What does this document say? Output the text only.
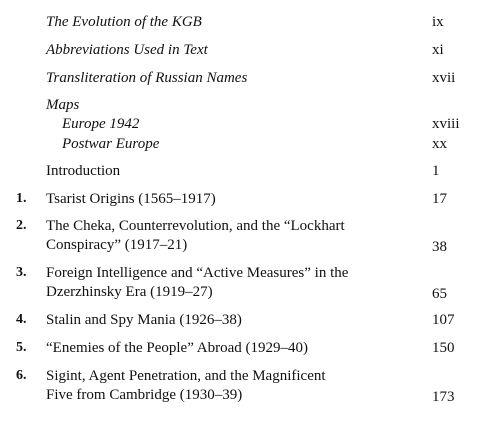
The Evolution of the KGB	ix
Abbreviations Used in Text	xi
Transliteration of Russian Names	xvii
Maps
Europe 1942	xviii
Postwar Europe	xx
Introduction	1
1. Tsarist Origins (1565–1917)	17
2. The Cheka, Counterrevolution, and the “Lockhart
Conspiracy” (1917–21)	38
3. Foreign Intelligence and “Active Measures” in the
Dzerzhinsky Era (1919–27)	65
4. Stalin and Spy Mania (1926–38)	107
5. “Enemies of the People” Abroad (1929–40)	150
6. Sigint, Agent Penetration, and the Magnificent
Five from Cambridge (1930–39)	173
